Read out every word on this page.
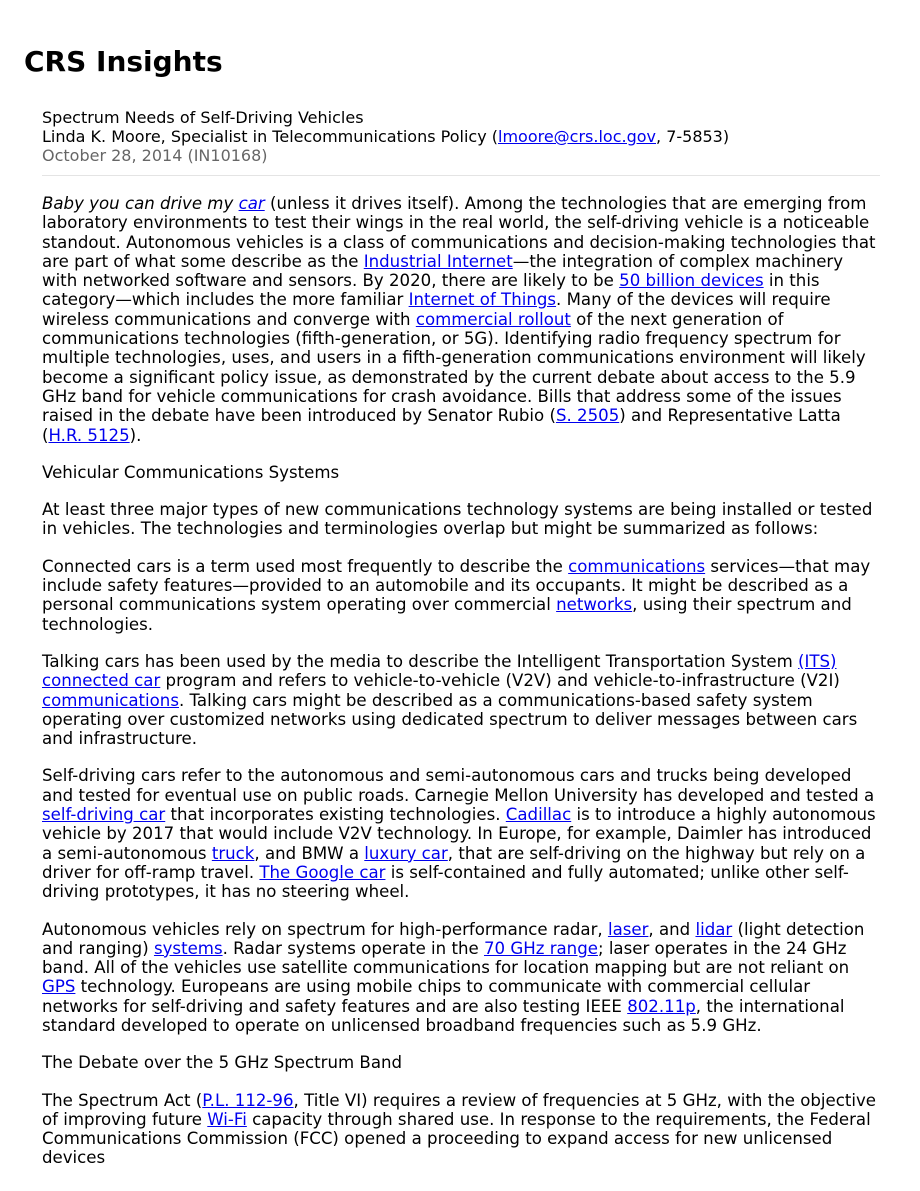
CRS Insights
Spectrum Needs of Self-Driving Vehicles
Linda K. Moore, Specialist in Telecommunications Policy (lmoore@crs.loc.gov, 7-5853)
October 28, 2014 (IN10168)

Baby you can drive my car (unless it drives itself). Among the technologies that are emerging from laboratory environments to test their wings in the real world, the self-driving vehicle is a noticeable standout. Autonomous vehicles is a class of communications and decision-making technologies that are part of what some describe as the Industrial Internet—the integration of complex machinery with networked software and sensors. By 2020, there are likely to be 50 billion devices in this category—which includes the more familiar Internet of Things. Many of the devices will require wireless communications and converge with commercial rollout of the next generation of communications technologies (fifth-generation, or 5G). Identifying radio frequency spectrum for multiple technologies, uses, and users in a fifth-generation communications environment will likely become a significant policy issue, as demonstrated by the current debate about access to the 5.9 GHz band for vehicle communications for crash avoidance. Bills that address some of the issues raised in the debate have been introduced by Senator Rubio (S. 2505) and Representative Latta (H.R. 5125).

Vehicular Communications Systems

At least three major types of new communications technology systems are being installed or tested in vehicles. The technologies and terminologies overlap but might be summarized as follows:

Connected cars is a term used most frequently to describe the communications services—that may include safety features—provided to an automobile and its occupants. It might be described as a personal communications system operating over commercial networks, using their spectrum and technologies.

Talking cars has been used by the media to describe the Intelligent Transportation System (ITS) connected car program and refers to vehicle-to-vehicle (V2V) and vehicle-to-infrastructure (V2I) communications. Talking cars might be described as a communications-based safety system operating over customized networks using dedicated spectrum to deliver messages between cars and infrastructure.

Self-driving cars refer to the autonomous and semi-autonomous cars and trucks being developed and tested for eventual use on public roads. Carnegie Mellon University has developed and tested a self-driving car that incorporates existing technologies. Cadillac is to introduce a highly autonomous vehicle by 2017 that would include V2V technology. In Europe, for example, Daimler has introduced a semi-autonomous truck, and BMW a luxury car, that are self-driving on the highway but rely on a driver for off-ramp travel. The Google car is self-contained and fully automated; unlike other self-driving prototypes, it has no steering wheel.

Autonomous vehicles rely on spectrum for high-performance radar, laser, and lidar (light detection and ranging) systems. Radar systems operate in the 70 GHz range; laser operates in the 24 GHz band. All of the vehicles use satellite communications for location mapping but are not reliant on GPS technology. Europeans are using mobile chips to communicate with commercial cellular networks for self-driving and safety features and are also testing IEEE 802.11p, the international standard developed to operate on unlicensed broadband frequencies such as 5.9 GHz.

The Debate over the 5 GHz Spectrum Band

The Spectrum Act (P.L. 112-96, Title VI) requires a review of frequencies at 5 GHz, with the objective of improving future Wi-Fi capacity through shared use. In response to the requirements, the Federal Communications Commission (FCC) opened a proceeding to expand access for new unlicensed devices
